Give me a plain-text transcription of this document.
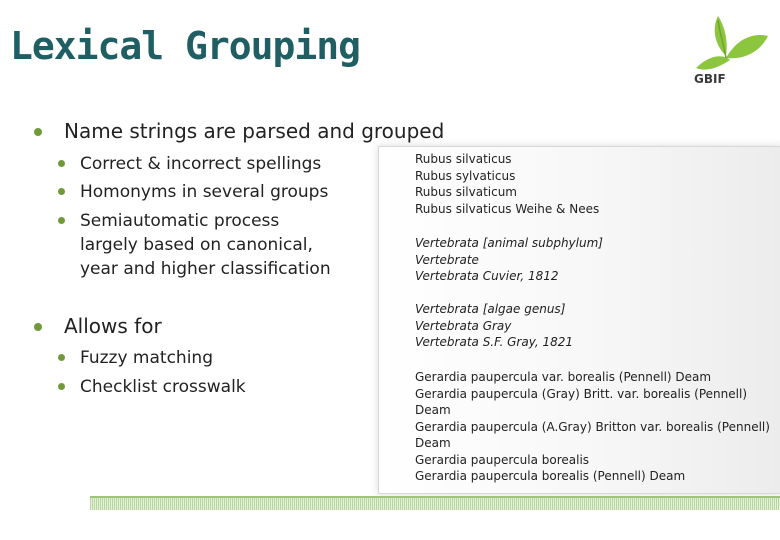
Lexical Grouping
GBIF
Name strings are parsed and grouped
Correct & incorrect spellings
Homonyms in several groups
Semiautomatic process
largely based on canonical,
year and higher classification
Allows for
Fuzzy matching
Checklist crosswalk
Rubus silvaticus
Rubus sylvaticus
Rubus silvaticum
Rubus silvaticus Weihe & Nees
Vertebrata [animal subphylum]
Vertebrate
Vertebrata Cuvier, 1812
Vertebrata [algae genus]
Vertebrata Gray
Vertebrata S.F. Gray, 1821
Gerardia paupercula var. borealis (Pennell) Deam
Gerardia paupercula (Gray) Britt. var. borealis (Pennell)
Deam
Gerardia paupercula (A.Gray) Britton var. borealis (Pennell)
Deam
Gerardia paupercula borealis
Gerardia paupercula borealis (Pennell) Deam
